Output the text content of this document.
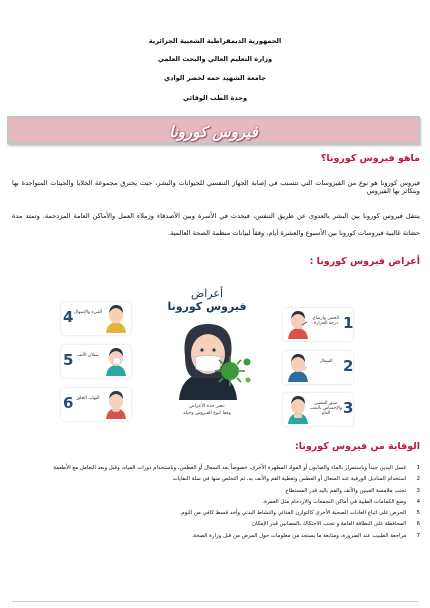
الجمهورية الديمقراطية الشعبية الجزائرية
وزارة التعليم العالي والبحث العلمي
جامعة الشهيد حمه لخضر الوادي
وحدة الطب الوقائي
فيروس كورونا
ماهو فيروس كورونا؟
فيروس كورونا هو نوع من الفيروسات التي تتسبب في إصابة الجهاز التنفسي للحيوانات والبشر، حيث يخترق مجموعة الخلايا والجينات المتواجدة بها ويتكاثر بها الفيروس
ينتقل فيروس كورونا بين البشر بالعدوى عن طريق التنفس، فيحدث في الأسرة وبين الأصدقاء وزملاء العمل والأماكن العامة المزدحمة. وتمتد مدة حضانة غالبية فيروسات كورونا بين الأسبوع والعشرة أيام، وفقاً لبيانات منظمة الصحة العالمية.
أعراض فيروس كورونا :
أعراض
فيروس كورونا
تتغير حدة الأعراض
وفقا لنوع الفيروس وحيله
الحمى وارتفاع درجة الحرارة 1
السعال 2
ضيق التنفس والإحساس بالتعب العام 3
4 القيء والإسهال
5 سيلان الأنف
6 التهاب الحلق
الوقاية من فيروس كورونا:
1 غسل اليدين جيداً وباستمرار بالماء والصابون أو المواد المطهرة الأخرى، خصوصاً بعد السعال أو العطس، وباستخدام دورات المياه، وقبل وبعد التعامل مع الأطعمة
2 استخدام المناديل الورقية عند السعال أو العطس وتغطية الفم والأنف به، ثم التخلص منها في سلة النفايات
3 تجنب ملامسة العينين والأنف والفم باليد قدر المستطاع
4 وضع الكمامات الطبية في أماكن التجمعات والازدحام مثل العمرة.
5 الحرص على اتباع العادات الصحية الأخرى كالتوازن الغذائي والنشاط البدني وأخد قسط كافي من النوم.
6 المحافظة على النظافة العامة و تجنب الاحتكاك بالمصابين قدر الإمكان
7 مراجعة الطبيب عند الضرورة، ومتابعة ما يستجد من معلومات حول المرض من قبل وزارة الصحة.
